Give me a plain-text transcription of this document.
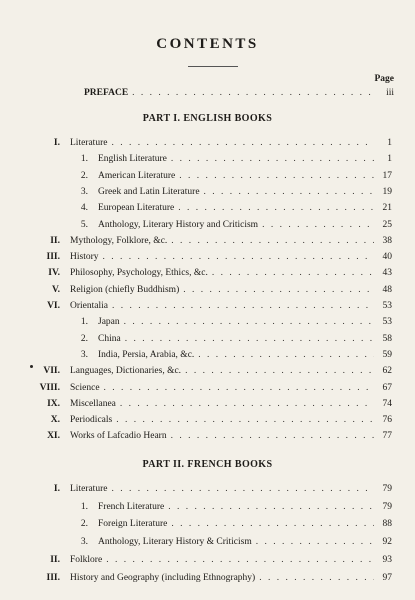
CONTENTS
Page
PREFACE . . .	iii
PART I. ENGLISH BOOKS
I. Literature . . .	1
1. English Literature . . .	1
2. American Literature . . .	17
3. Greek and Latin Literature . . .	19
4. European Literature . . .	21
5. Anthology, Literary History and Criticism . . .	25
II. Mythology, Folklore, &c. . . .	38
III. History . . .	40
IV. Philosophy, Psychology, Ethics, &c. . . .	43
V. Religion (chiefly Buddhism) . . .	48
VI. Orientalia . . .	53
1. Japan . . .	53
2. China . . .	58
3. India, Persia, Arabia, &c. . . .	59
VII. Languages, Dictionaries, &c. . . .	62
VIII. Science . . .	67
IX. Miscellanea . . .	74
X. Periodicals . . .	76
XI. Works of Lafcadio Hearn . . .	77
PART II. FRENCH BOOKS
I. Literature . . .	79
1. French Literature . . .	79
2. Foreign Literature . . .	88
3. Anthology, Literary History & Criticism . . .	92
II. Folklore . . .	93
III. History and Geography (including Ethnography) . . .	97
